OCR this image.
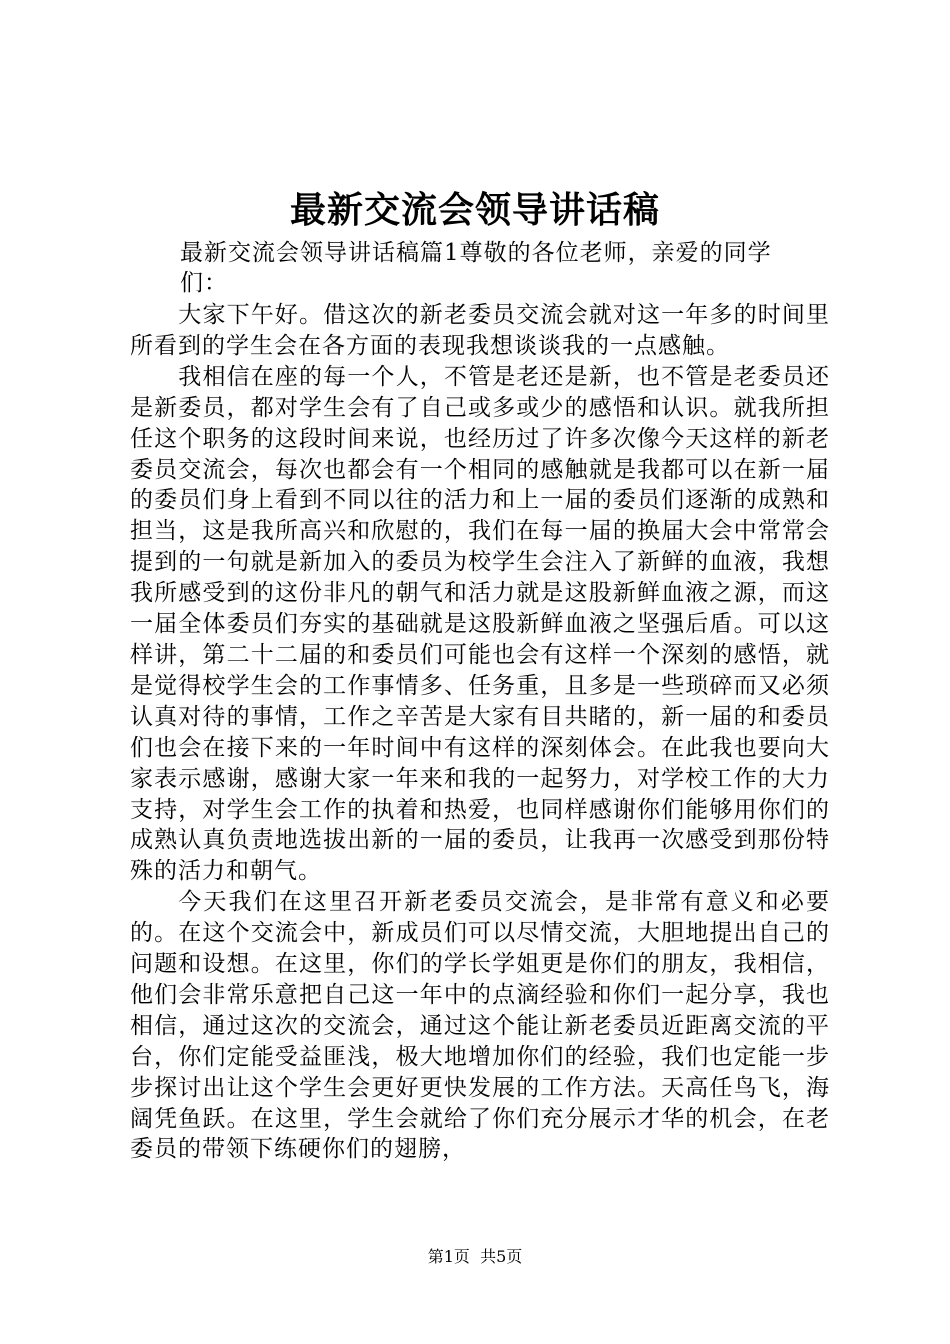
最新交流会领导讲话稿
最新交流会领导讲话稿篇1尊敬的各位老师，亲爱的同学们：

大家下午好。借这次的新老委员交流会就对这一年多的时间里所看到的学生会在各方面的表现我想谈谈我的一点感触。

我相信在座的每一个人，不管是老还是新，也不管是老委员还是新委员，都对学生会有了自己或多或少的感悟和认识。就我所担任这个职务的这段时间来说，也经历过了许多次像今天这样的新老委员交流会，每次也都会有一个相同的感触就是我都可以在新一届的委员们身上看到不同以往的活力和上一届的委员们逐渐的成熟和担当，这是我所高兴和欣慰的，我们在每一届的换届大会中常常会提到的一句就是新加入的委员为校学生会注入了新鲜的血液，我想我所感受到的这份非凡的朝气和活力就是这股新鲜血液之源，而这一届全体委员们夯实的基础就是这股新鲜血液之坚强后盾。可以这样讲，第二十二届的和委员们可能也会有这样一个深刻的感悟，就是觉得校学生会的工作事情多、任务重，且多是一些琐碎而又必须认真对待的事情，工作之辛苦是大家有目共睹的，新一届的和委员们也会在接下来的一年时间中有这样的深刻体会。在此我也要向大家表示感谢，感谢大家一年来和我的一起努力，对学校工作的大力支持，对学生会工作的执着和热爱，也同样感谢你们能够用你们的成熟认真负责地选拔出新的一届的委员，让我再一次感受到那份特殊的活力和朝气。

今天我们在这里召开新老委员交流会，是非常有意义和必要的。在这个交流会中，新成员们可以尽情交流，大胆地提出自己的问题和设想。在这里，你们的学长学姐更是你们的朋友，我相信，他们会非常乐意把自己这一年中的点滴经验和你们一起分享，我也相信，通过这次的交流会，通过这个能让新老委员近距离交流的平台，你们定能受益匪浅，极大地增加你们的经验，我们也定能一步步探讨出让这个学生会更好更快发展的工作方法。天高任鸟飞，海阔凭鱼跃。在这里，学生会就给了你们充分展示才华的机会，在老委员的带领下练硬你们的翅膀，

第1页  共5页
